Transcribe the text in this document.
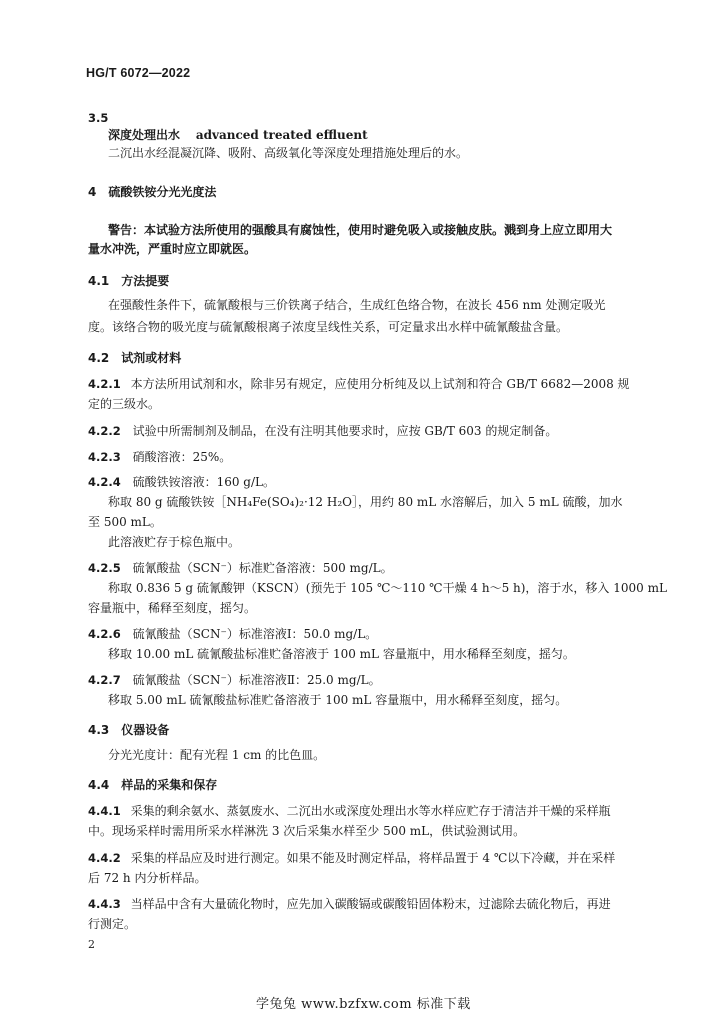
HG/T 6072—2022
3.5
深度处理出水 advanced treated effluent
二沉出水经混凝沉降、吸附、高级氧化等深度处理措施处理后的水。
4　硫酸铁铵分光光度法
警告：本试验方法所使用的强酸具有腐蚀性，使用时避免吸入或接触皮肤。溅到身上应立即用大
量水冲洗，严重时应立即就医。
4.1　方法提要
在强酸性条件下，硫氰酸根与三价铁离子结合，生成红色络合物，在波长 456 nm 处测定吸光
度。该络合物的吸光度与硫氰酸根离子浓度呈线性关系，可定量求出水样中硫氰酸盐含量。
4.2　试剂或材料
4.2.1 本方法所用试剂和水，除非另有规定，应使用分析纯及以上试剂和符合 GB/T 6682—2008 规
定的三级水。
4.2.2 试验中所需制剂及制品，在没有注明其他要求时，应按 GB/T 603 的规定制备。
4.2.3 硝酸溶液：25%。
4.2.4 硫酸铁铵溶液：160 g/L。
称取 80 g 硫酸铁铵［NH₄Fe(SO₄)₂·12 H₂O］，用约 80 mL 水溶解后，加入 5 mL 硫酸，加水
至 500 mL。
此溶液贮存于棕色瓶中。
4.2.5 硫氰酸盐（SCN⁻）标准贮备溶液：500 mg/L。
称取 0.836 5 g 硫氰酸钾（KSCN）(预先于 105 ℃～110 ℃干燥 4 h～5 h)，溶于水，移入 1000 mL
容量瓶中，稀释至刻度，摇匀。
4.2.6 硫氰酸盐（SCN⁻）标准溶液Ⅰ：50.0 mg/L。
移取 10.00 mL 硫氰酸盐标准贮备溶液于 100 mL 容量瓶中，用水稀释至刻度，摇匀。
4.2.7 硫氰酸盐（SCN⁻）标准溶液Ⅱ：25.0 mg/L。
移取 5.00 mL 硫氰酸盐标准贮备溶液于 100 mL 容量瓶中，用水稀释至刻度，摇匀。
4.3　仪器设备
分光光度计：配有光程 1 cm 的比色皿。
4.4　样品的采集和保存
4.4.1 采集的剩余氨水、蒸氨废水、二沉出水或深度处理出水等水样应贮存于清洁并干燥的采样瓶
中。现场采样时需用所采水样淋洗 3 次后采集水样至少 500 mL，供试验测试用。
4.4.2 采集的样品应及时进行测定。如果不能及时测定样品，将样品置于 4 ℃以下冷藏，并在采样
后 72 h 内分析样品。
4.4.3 当样品中含有大量硫化物时，应先加入碳酸镉或碳酸铅固体粉末，过滤除去硫化物后，再进
行测定。
2
学兔兔 www.bzfxw.com 标准下载
